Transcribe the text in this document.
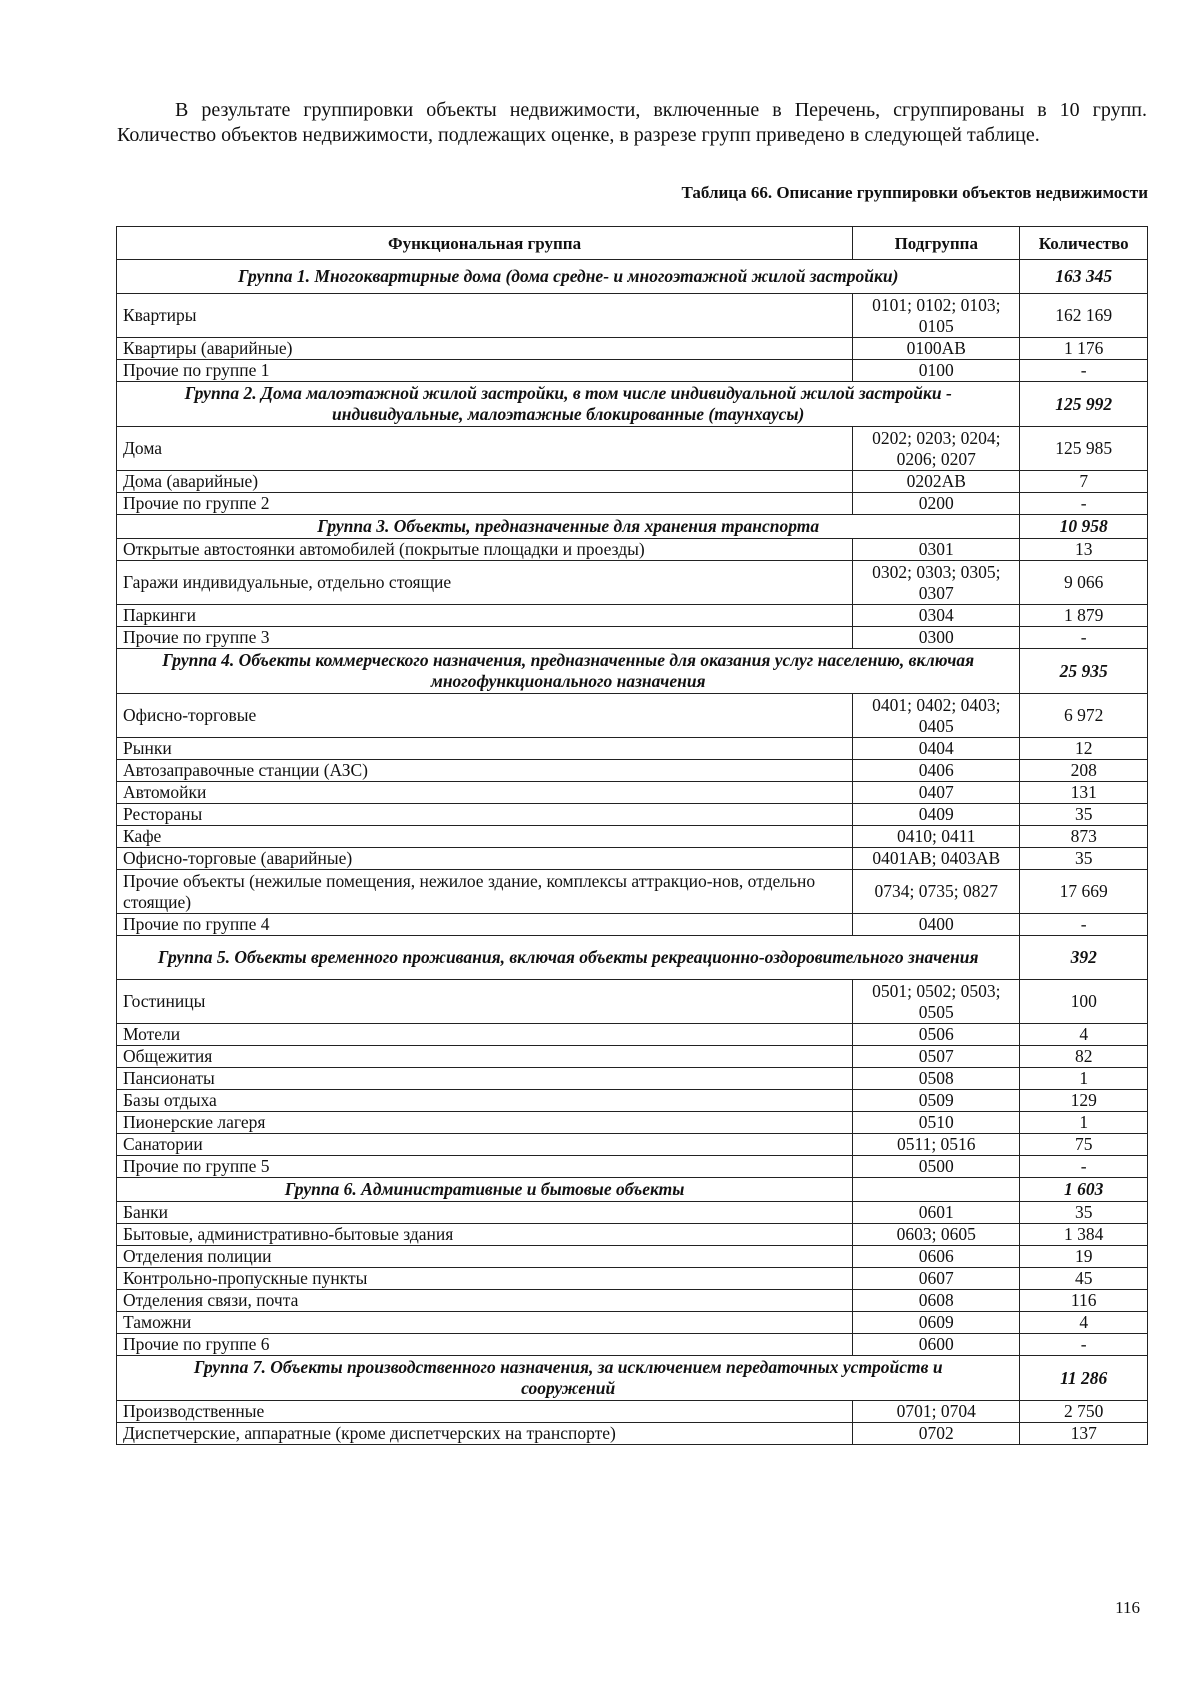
В результате группировки объекты недвижимости, включенные в Перечень, сгруппированы в 10 групп. Количество объектов недвижимости, подлежащих оценке, в разрезе групп приведено в следующей таблице.

Таблица 66. Описание группировки объектов недвижимости

Функциональная группа	Подгруппа	Количество
Группа 1. Многоквартирные дома (дома средне- и многоэтажной жилой застройки)		163 345
Квартиры	0101; 0102; 0103; 0105	162 169
Квартиры (аварийные)	0100АВ	1 176
Прочие по группе 1	0100	-
Группа 2. Дома малоэтажной жилой застройки, в том числе индивидуальной жилой застройки - индивидуальные, малоэтажные блокированные (таунхаусы)		125 992
Дома	0202; 0203; 0204; 0206; 0207	125 985
Дома (аварийные)	0202АВ	7
Прочие по группе 2	0200	-
Группа 3. Объекты, предназначенные для хранения транспорта		10 958
Открытые автостоянки автомобилей (покрытые площадки и проезды)	0301	13
Гаражи индивидуальные, отдельно стоящие	0302; 0303; 0305; 0307	9 066
Паркинги	0304	1 879
Прочие по группе 3	0300	-
Группа 4. Объекты коммерческого назначения, предназначенные для оказания услуг населению, включая многофункционального назначения		25 935
Офисно-торговые	0401; 0402; 0403; 0405	6 972
Рынки	0404	12
Автозаправочные станции (АЗС)	0406	208
Автомойки	0407	131
Рестораны	0409	35
Кафе	0410; 0411	873
Офисно-торговые (аварийные)	0401АВ; 0403АВ	35
Прочие объекты (нежилые помещения, нежилое здание, комплексы аттракцио-нов, отдельно стоящие)	0734; 0735; 0827	17 669
Прочие по группе 4	0400	-
Группа 5. Объекты временного проживания, включая объекты рекреационно-оздоровительного значения		392
Гостиницы	0501; 0502; 0503; 0505	100
Мотели	0506	4
Общежития	0507	82
Пансионаты	0508	1
Базы отдыха	0509	129
Пионерские лагеря	0510	1
Санатории	0511; 0516	75
Прочие по группе 5	0500	-
Группа 6. Административные и бытовые объекты		1 603
Банки	0601	35
Бытовые, административно-бытовые здания	0603; 0605	1 384
Отделения полиции	0606	19
Контрольно-пропускные пункты	0607	45
Отделения связи, почта	0608	116
Таможни	0609	4
Прочие по группе 6	0600	-
Группа 7. Объекты производственного назначения, за исключением передаточных устройств и сооружений		11 286
Производственные	0701; 0704	2 750
Диспетчерские, аппаратные (кроме диспетчерских на транспорте)	0702	137
116
